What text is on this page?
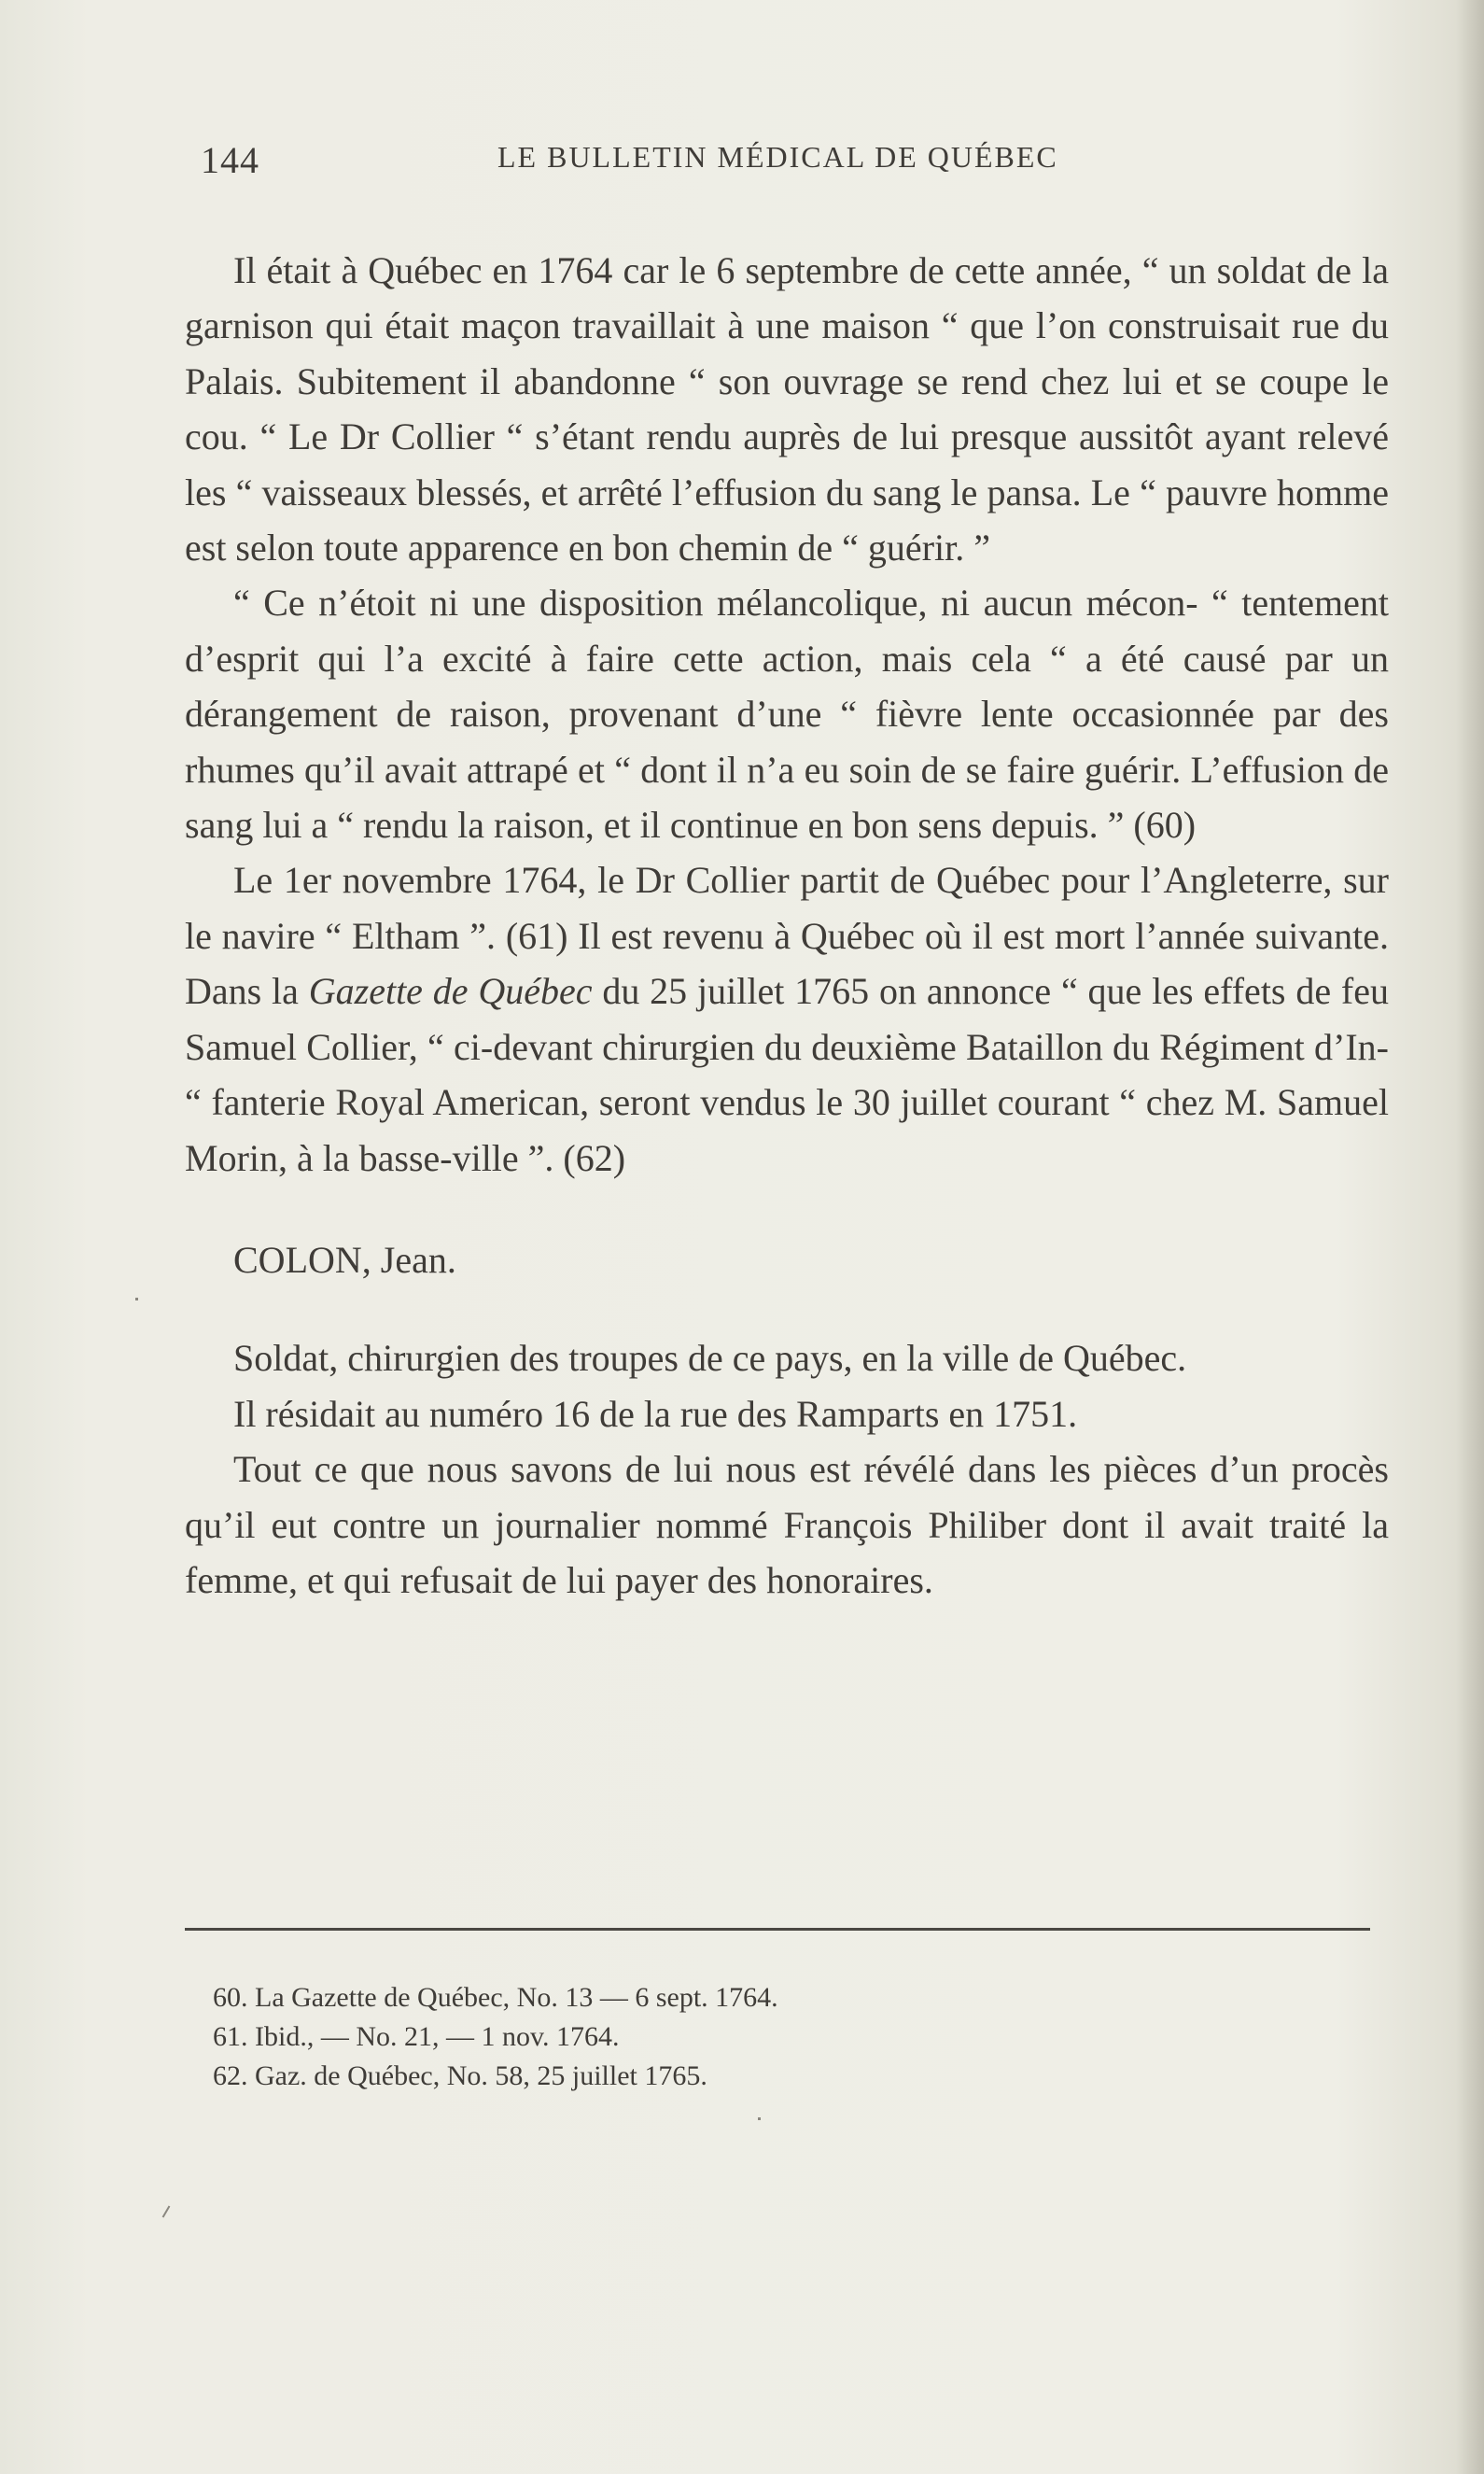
144	LE BULLETIN MÉDICAL DE QUÉBEC

Il était à Québec en 1764 car le 6 septembre de cette année, “ un soldat de la garnison qui était maçon travaillait à une maison “ que l’on construisait rue du Palais. Subitement il abandonne “ son ouvrage se rend chez lui et se coupe le cou. “ Le Dr Collier “ s’étant rendu auprès de lui presque aussitôt ayant relevé les “ vaisseaux blessés, et arrêté l’effusion du sang le pansa. Le “ pauvre homme est selon toute apparence en bon chemin de “ guérir. ”

“ Ce n’étoit ni une disposition mélancolique, ni aucun mécon- “ tentement d’esprit qui l’a excité à faire cette action, mais cela “ a été causé par un dérangement de raison, provenant d’une “ fièvre lente occasionnée par des rhumes qu’il avait attrapé et “ dont il n’a eu soin de se faire guérir. L’effusion de sang lui a “ rendu la raison, et il continue en bon sens depuis. ” (60)

Le 1er novembre 1764, le Dr Collier partit de Québec pour l’Angleterre, sur le navire “ Eltham ”. (61) Il est revenu à Québec où il est mort l’année suivante. Dans la Gazette de Québec du 25 juillet 1765 on annonce “ que les effets de feu Samuel Collier, “ ci-devant chirurgien du deuxième Bataillon du Régiment d’In- “ fanterie Royal American, seront vendus le 30 juillet courant “ chez M. Samuel Morin, à la basse-ville ”. (62)

COLON, Jean.

Soldat, chirurgien des troupes de ce pays, en la ville de Québec.

Il résidait au numéro 16 de la rue des Ramparts en 1751.

Tout ce que nous savons de lui nous est révélé dans les pièces d’un procès qu’il eut contre un journalier nommé François Philiber dont il avait traité la femme, et qui refusait de lui payer des honoraires.

60. La Gazette de Québec, No. 13 — 6 sept. 1764.

61. Ibid., — No. 21, — 1 nov. 1764.

62. Gaz. de Québec, No. 58, 25 juillet 1765.
